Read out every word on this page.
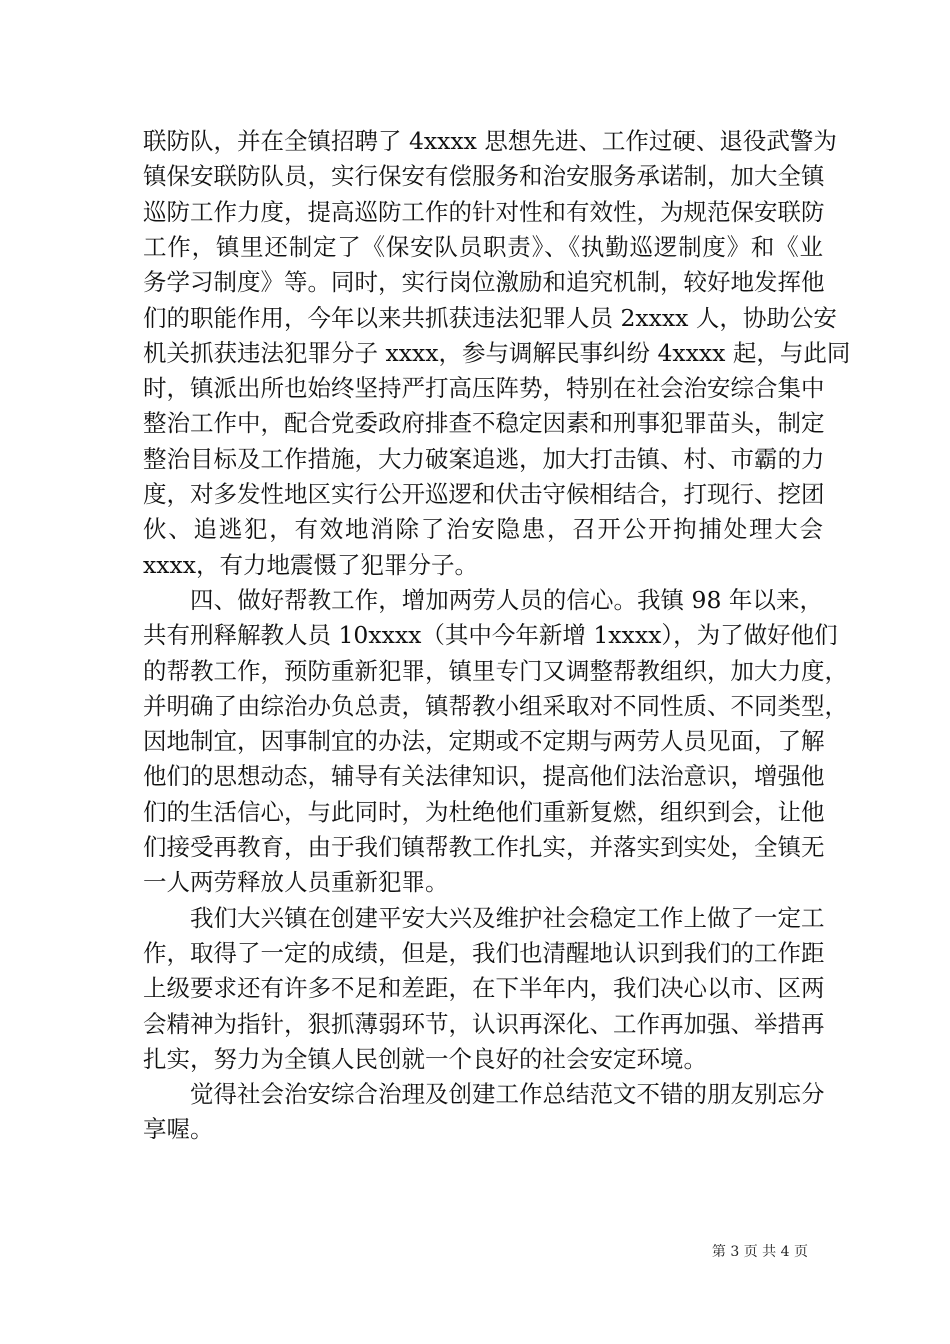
联防队，并在全镇招聘了 4xxxx 思想先进、工作过硬、退役武警为
镇保安联防队员，实行保安有偿服务和治安服务承诺制，加大全镇
巡防工作力度，提高巡防工作的针对性和有效性，为规范保安联防
工作，镇里还制定了《保安队员职责》、《执勤巡逻制度》和《业
务学习制度》等。同时，实行岗位激励和追究机制，较好地发挥他
们的职能作用，今年以来共抓获违法犯罪人员 2xxxx 人，协助公安
机关抓获违法犯罪分子 xxxx，参与调解民事纠纷 4xxxx 起，与此同
时，镇派出所也始终坚持严打高压阵势，特别在社会治安综合集中
整治工作中，配合党委政府排查不稳定因素和刑事犯罪苗头，制定
整治目标及工作措施，大力破案追逃，加大打击镇、村、市霸的力
度，对多发性地区实行公开巡逻和伏击守候相结合，打现行、挖团
伙、追逃犯，有效地消除了治安隐患，召开公开拘捕处理大会
xxxx，有力地震慑了犯罪分子。
　　四、做好帮教工作，增加两劳人员的信心。我镇 98 年以来，
共有刑释解教人员 10xxxx（其中今年新增 1xxxx），为了做好他们
的帮教工作，预防重新犯罪，镇里专门又调整帮教组织，加大力度，
并明确了由综治办负总责，镇帮教小组采取对不同性质、不同类型，
因地制宜，因事制宜的办法，定期或不定期与两劳人员见面，了解
他们的思想动态，辅导有关法律知识，提高他们法治意识，增强他
们的生活信心，与此同时，为杜绝他们重新复燃，组织到会，让他
们接受再教育，由于我们镇帮教工作扎实，并落实到实处，全镇无
一人两劳释放人员重新犯罪。
　　我们大兴镇在创建平安大兴及维护社会稳定工作上做了一定工
作，取得了一定的成绩，但是，我们也清醒地认识到我们的工作距
上级要求还有许多不足和差距，在下半年内，我们决心以市、区两
会精神为指针，狠抓薄弱环节，认识再深化、工作再加强、举措再
扎实，努力为全镇人民创就一个良好的社会安定环境。
　　觉得社会治安综合治理及创建工作总结范文不错的朋友别忘分
享喔。
第 3 页 共 4 页
